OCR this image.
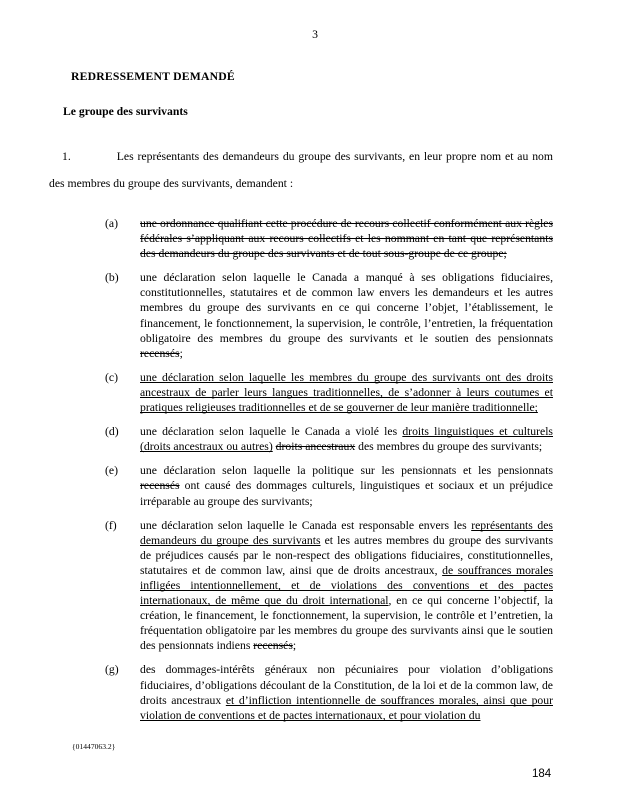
3
REDRESSEMENT DEMANDÉ
Le groupe des survivants

1.	Les représentants des demandeurs du groupe des survivants, en leur propre nom et au nom des membres du groupe des survivants, demandent :

(a) une ordonnance qualifiant cette procédure de recours collectif conformément aux règles fédérales s’appliquant aux recours collectifs et les nommant en tant que représentants des demandeurs du groupe des survivants et de tout sous-groupe de ce groupe;
(b) une déclaration selon laquelle le Canada a manqué à ses obligations fiduciaires, constitutionnelles, statutaires et de common law envers les demandeurs et les autres membres du groupe des survivants en ce qui concerne l’objet, l’établissement, le financement, le fonctionnement, la supervision, le contrôle, l’entretien, la fréquentation obligatoire des membres du groupe des survivants et le soutien des pensionnats recensés;
(c) une déclaration selon laquelle les membres du groupe des survivants ont des droits ancestraux de parler leurs langues traditionnelles, de s’adonner à leurs coutumes et pratiques religieuses traditionnelles et de se gouverner de leur manière traditionnelle;
(d) une déclaration selon laquelle le Canada a violé les droits linguistiques et culturels (droits ancestraux ou autres) droits ancestraux des membres du groupe des survivants;
(e) une déclaration selon laquelle la politique sur les pensionnats et les pensionnats recensés ont causé des dommages culturels, linguistiques et sociaux et un préjudice irréparable au groupe des survivants;
(f) une déclaration selon laquelle le Canada est responsable envers les représentants des demandeurs du groupe des survivants et les autres membres du groupe des survivants de préjudices causés par le non-respect des obligations fiduciaires, constitutionnelles, statutaires et de common law, ainsi que de droits ancestraux, de souffrances morales infligées intentionnellement, et de violations des conventions et des pactes internationaux, de même que du droit international, en ce qui concerne l’objectif, la création, le financement, le fonctionnement, la supervision, le contrôle et l’entretien, la fréquentation obligatoire par les membres du groupe des survivants ainsi que le soutien des pensionnats indiens recensés;
(g) des dommages-intérêts généraux non pécuniaires pour violation d’obligations fiduciaires, d’obligations découlant de la Constitution, de la loi et de la common law, de droits ancestraux et d’infliction intentionnelle de souffrances morales, ainsi que pour violation de conventions et de pactes internationaux, et pour violation du
{01447063.2}
184
